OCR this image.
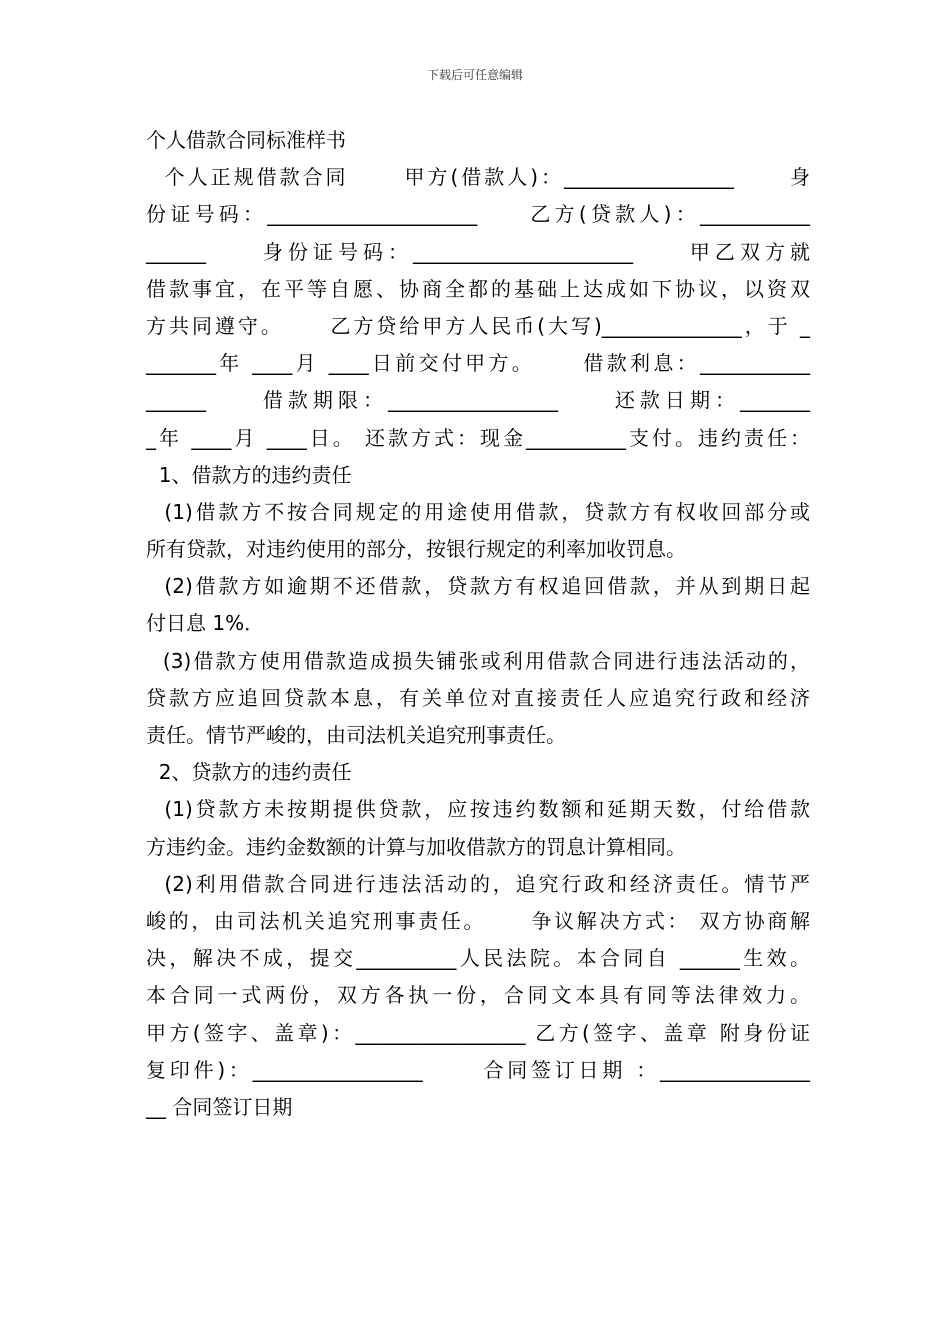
下载后可任意编辑
个人借款合同标准样书
个人正规借款合同      甲方(借款人)：_________________      身
份证号码：_____________________     乙方(贷款人)：___________
______     身份证号码：______________________     甲乙双方就
借款事宜，在平等自愿、协商全都的基础上达成如下协议，以资双
方共同遵守。     乙方贷给甲方人民币(大写)______________，于 _
_______年 ____月 ____日前交付甲方。     借款利息：___________
______     借款期限：_________________     还款日期：_______
_年 ____月 ____日。 还款方式：现金__________支付。违约责任：
1、借款方的违约责任
(1)借款方不按合同规定的用途使用借款，贷款方有权收回部分或
所有贷款，对违约使用的部分，按银行规定的利率加收罚息。
(2)借款方如逾期不还借款，贷款方有权追回借款，并从到期日起
付日息 1%．
(3)借款方使用借款造成损失铺张或利用借款合同进行违法活动的，
贷款方应追回贷款本息，有关单位对直接责任人应追究行政和经济
责任。情节严峻的，由司法机关追究刑事责任。
2、贷款方的违约责任
(1)贷款方未按期提供贷款，应按违约数额和延期天数，付给借款
方违约金。违约金数额的计算与加收借款方的罚息计算相同。
(2)利用借款合同进行违法活动的，追究行政和经济责任。情节严
峻的，由司法机关追究刑事责任。     争议解决方式： 双方协商解
决，解决不成，提交__________人民法院。本合同自 ______生效。
本合同一式两份，双方各执一份，合同文本具有同等法律效力。
甲方(签字、盖章)：_________________ 乙方(签字、盖章 附身份证
复印件)：_________________      合同签订日期 ：_______________
__ 合同签订日期
